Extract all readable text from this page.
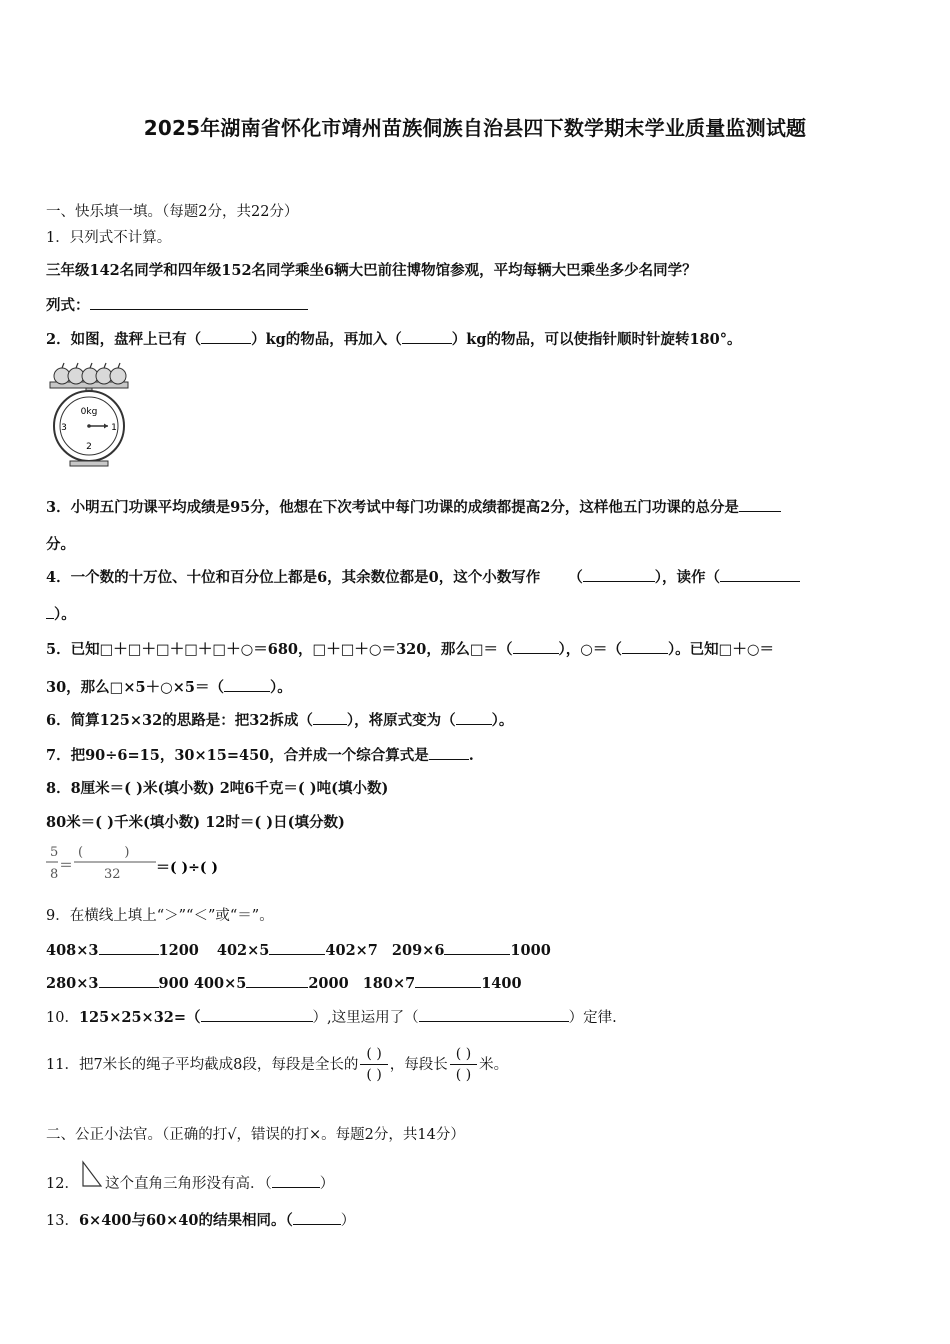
2025年湖南省怀化市靖州苗族侗族自治县四下数学期末学业质量监测试题
一、快乐填一填。（每题2分，共22分）
1．只列式不计算。
三年级142名同学和四年级152名同学乘坐6辆大巴前往博物馆参观，平均每辆大巴乘坐多少名同学？
列式：
2．如图，盘秤上已有（	）kg的物品，再加入（	）kg的物品，可以使指针顺时针旋转180°。
0kg
3	1
2
3．小明五门功课平均成绩是95分，他想在下次考试中每门功课的成绩都提高2分，这样他五门功课的总分是
分。
4．一个数的十万位、十位和百分位上都是6，其余数位都是0，这个小数写作 （	），读作（
）。
5．已知□＋□＋□＋□＋□＋○＝680，□＋□＋○＝320，那么□＝（	），○＝（	）。已知□＋○＝
30，那么□×5＋○×5＝（	）。
6．简算125×32的思路是：把32拆成（ ），将原式变为（ ）。
7．把90÷6=15，30×15=450，合并成一个综合算式是	.
8．8厘米＝( )米(填小数) 2吨6千克＝( )吨(填小数)
80米＝( )千米(填小数) 12时＝( )日(填分数)
5
8
＝
(          )
32	＝( )÷( )
9．在横线上填上“＞”“＜”或“＝”。
408×3	1200 402×5	402×7 209×6	1000
280×3	900 400×5	2000 180×7	1400
10．125×25×32=（	）,这里运用了（	）定律.
11．把7米长的绳子平均截成8段，每段是全长的 $\frac{( )}{( )}$ ，每段长 $\frac{( )}{( )}$ 米。
二、公正小法官。（正确的打√，错误的打×。每题2分，共14分）
12． 这个直角三角形没有高．（	）
13．6×400与60×40的结果相同。（	）
